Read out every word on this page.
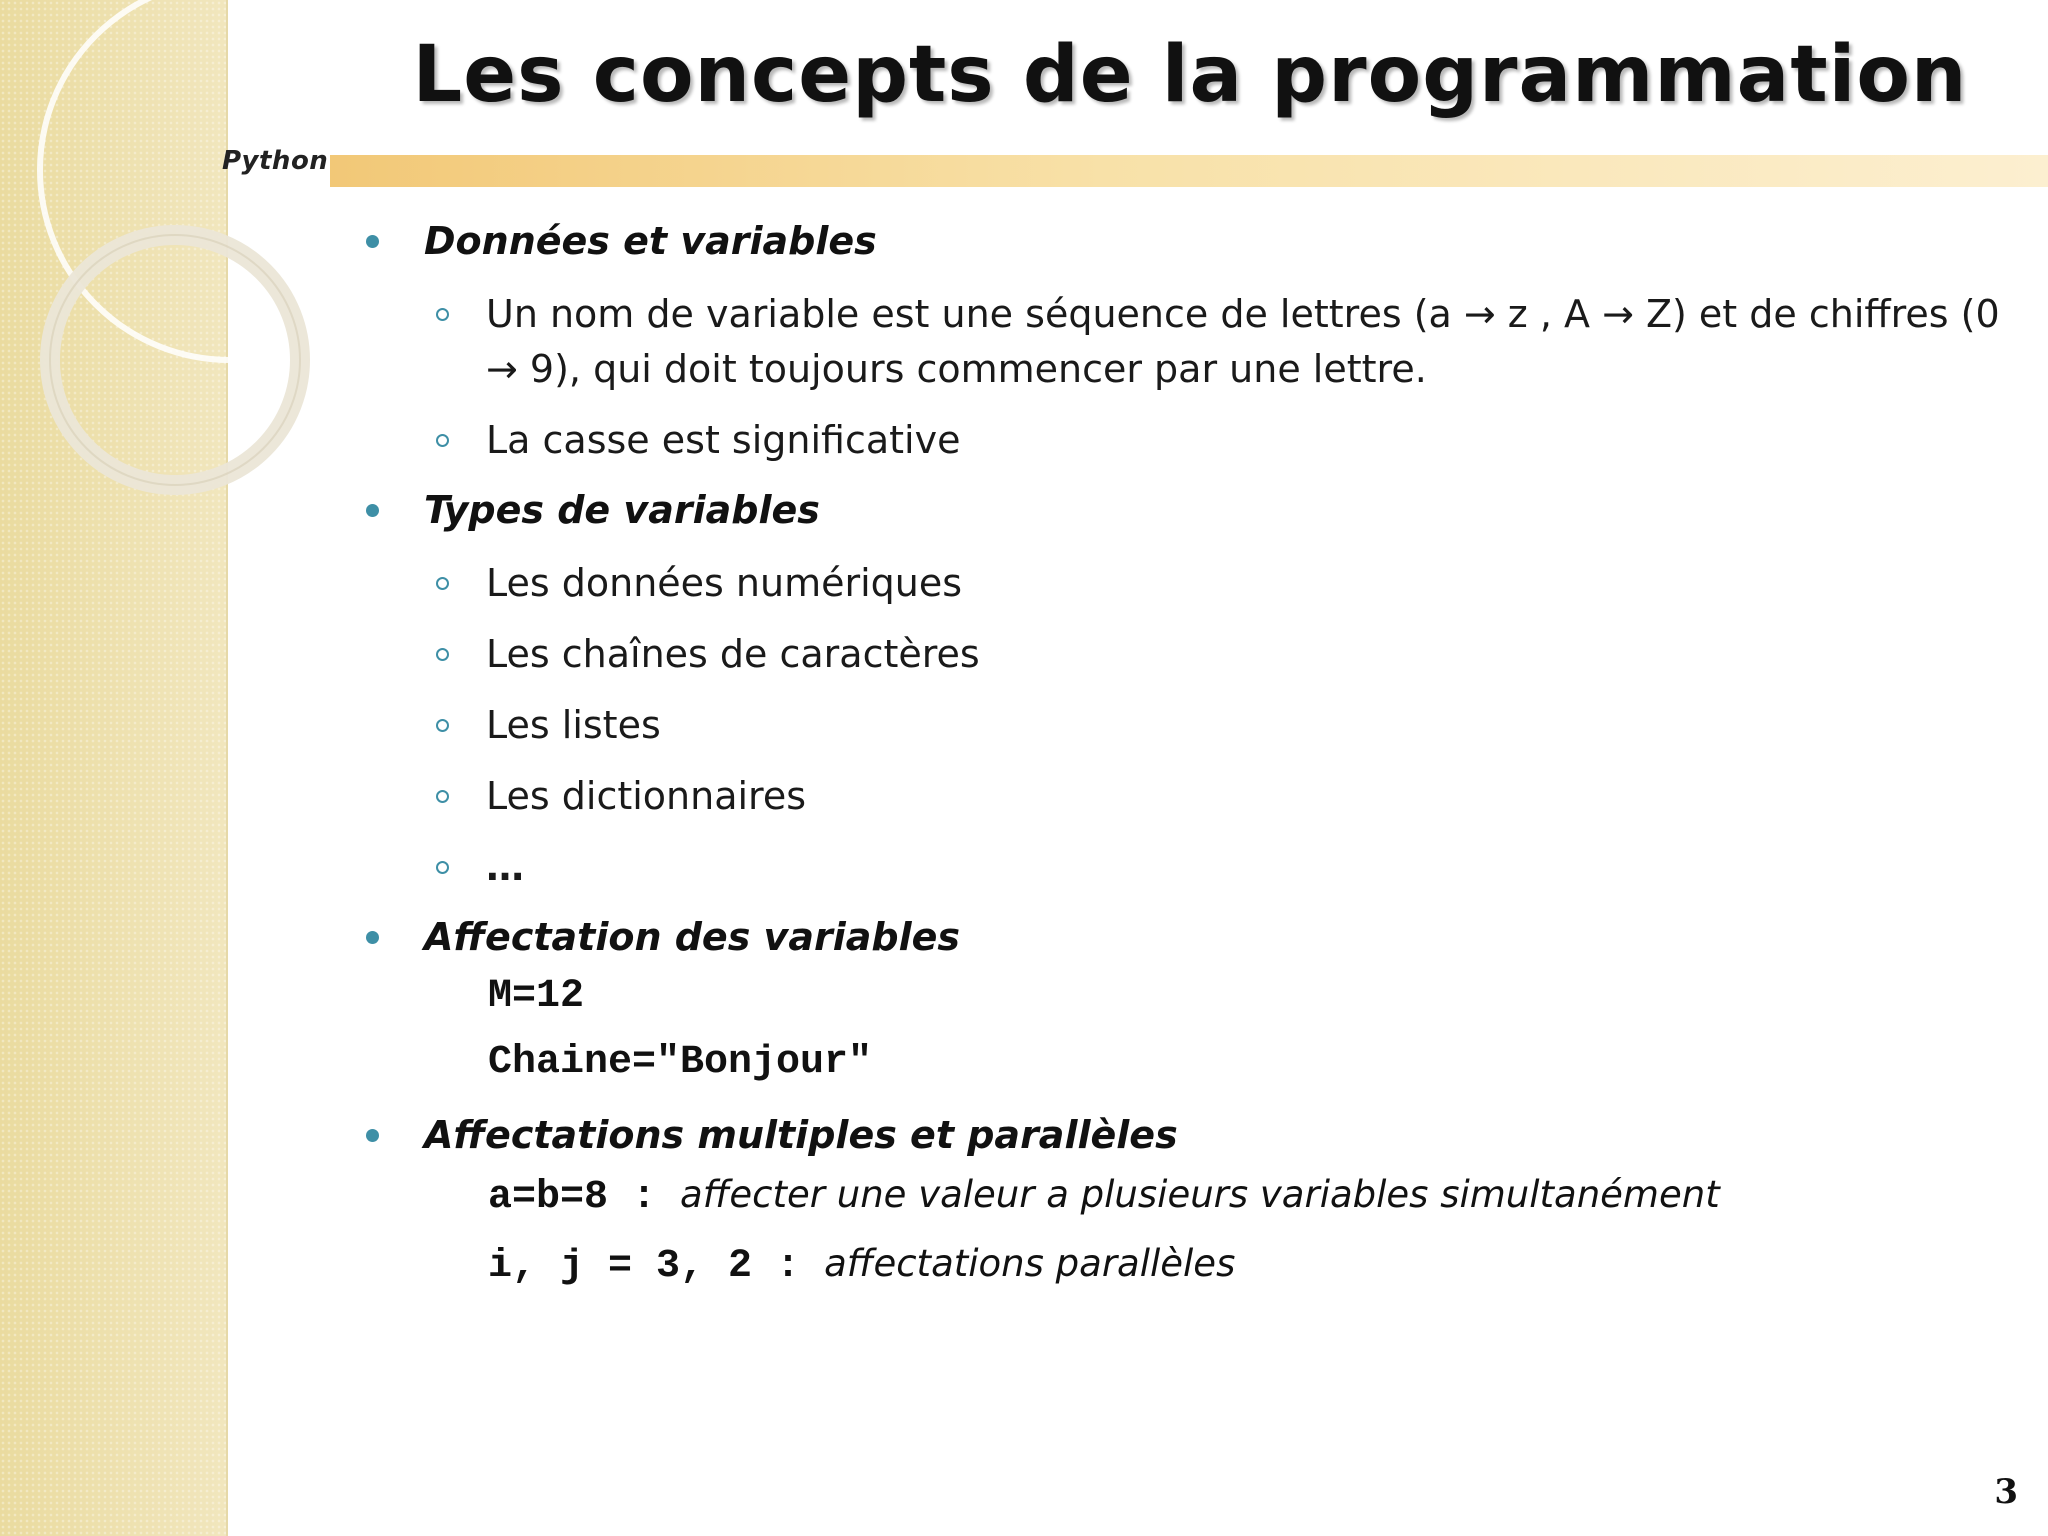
Python
Les concepts de la programmation
Données et variables
Un nom de variable est une séquence de lettres (a → z , A → Z) et de chiffres (0 → 9), qui doit toujours commencer par une lettre.
La casse est significative
Types de variables
Les données numériques
Les chaînes de caractères
Les listes
Les dictionnaires
…
Affectation des variables
M=12
Chaine="Bonjour"
Affectations multiples et parallèles
a=b=8 : affecter une valeur a plusieurs variables simultanément
i, j = 3, 2 : affectations parallèles
3
